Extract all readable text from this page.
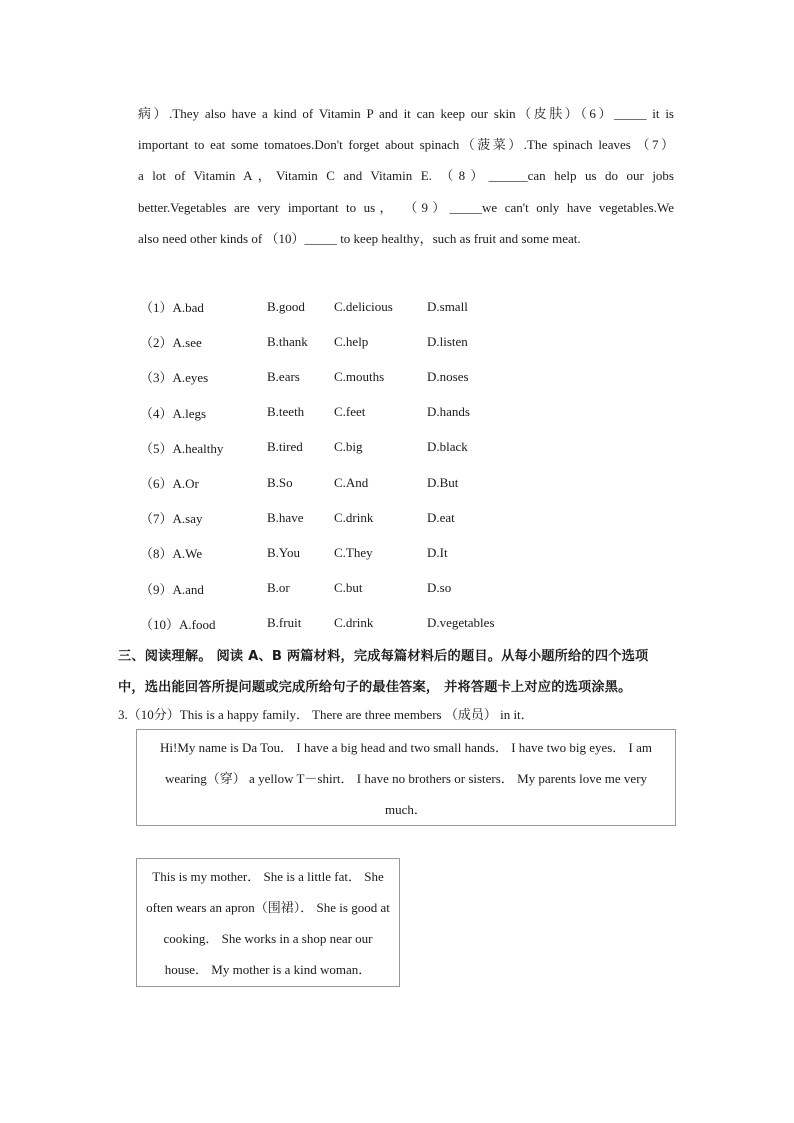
病）.They also have a kind of Vitamin P and it can keep our skin（皮肤）（6）_____ it is
important to eat some tomatoes.Don't forget about spinach（菠菜）.The spinach leaves （7）
a lot of Vitamin A，Vitamin C and Vitamin E. （8）______can help us do our jobs
better.Vegetables are very important to us， （9）_____we can't only have vegetables.We
also need other kinds of （10）_____ to keep healthy，such as fruit and some meat.
（1）A.bad	B.good	C.delicious	D.small
（2）A.see	B.thank	C.help	D.listen
（3）A.eyes	B.ears	C.mouths	D.noses
（4）A.legs	B.teeth	C.feet	D.hands
（5）A.healthy	B.tired	C.big	D.black
（6）A.Or	B.So	C.And	D.But
（7）A.say	B.have	C.drink	D.eat
（8）A.We	B.You	C.They	D.It
（9）A.and	B.or	C.but	D.so
（10）A.food	B.fruit	C.drink	D.vegetables
三、阅读理解。 阅读 A、B 两篇材料，完成每篇材料后的题目。从每小题所给的四个选项
中，选出能回答所提问题或完成所给句子的最佳答案， 并将答题卡上对应的选项涂黑。
3.（10分）This is a happy family． There are three members （成员） in it．
Hi!My name is Da Tou． I have a big head and two small hands． I have two big eyes． I am
wearing（穿） a yellow T－shirt． I have no brothers or sisters． My parents love me very
much．
This is my mother． She is a little fat． She
often wears an apron（围裙）． She is good at
cooking． She works in a shop near our
house． My mother is a kind woman．
